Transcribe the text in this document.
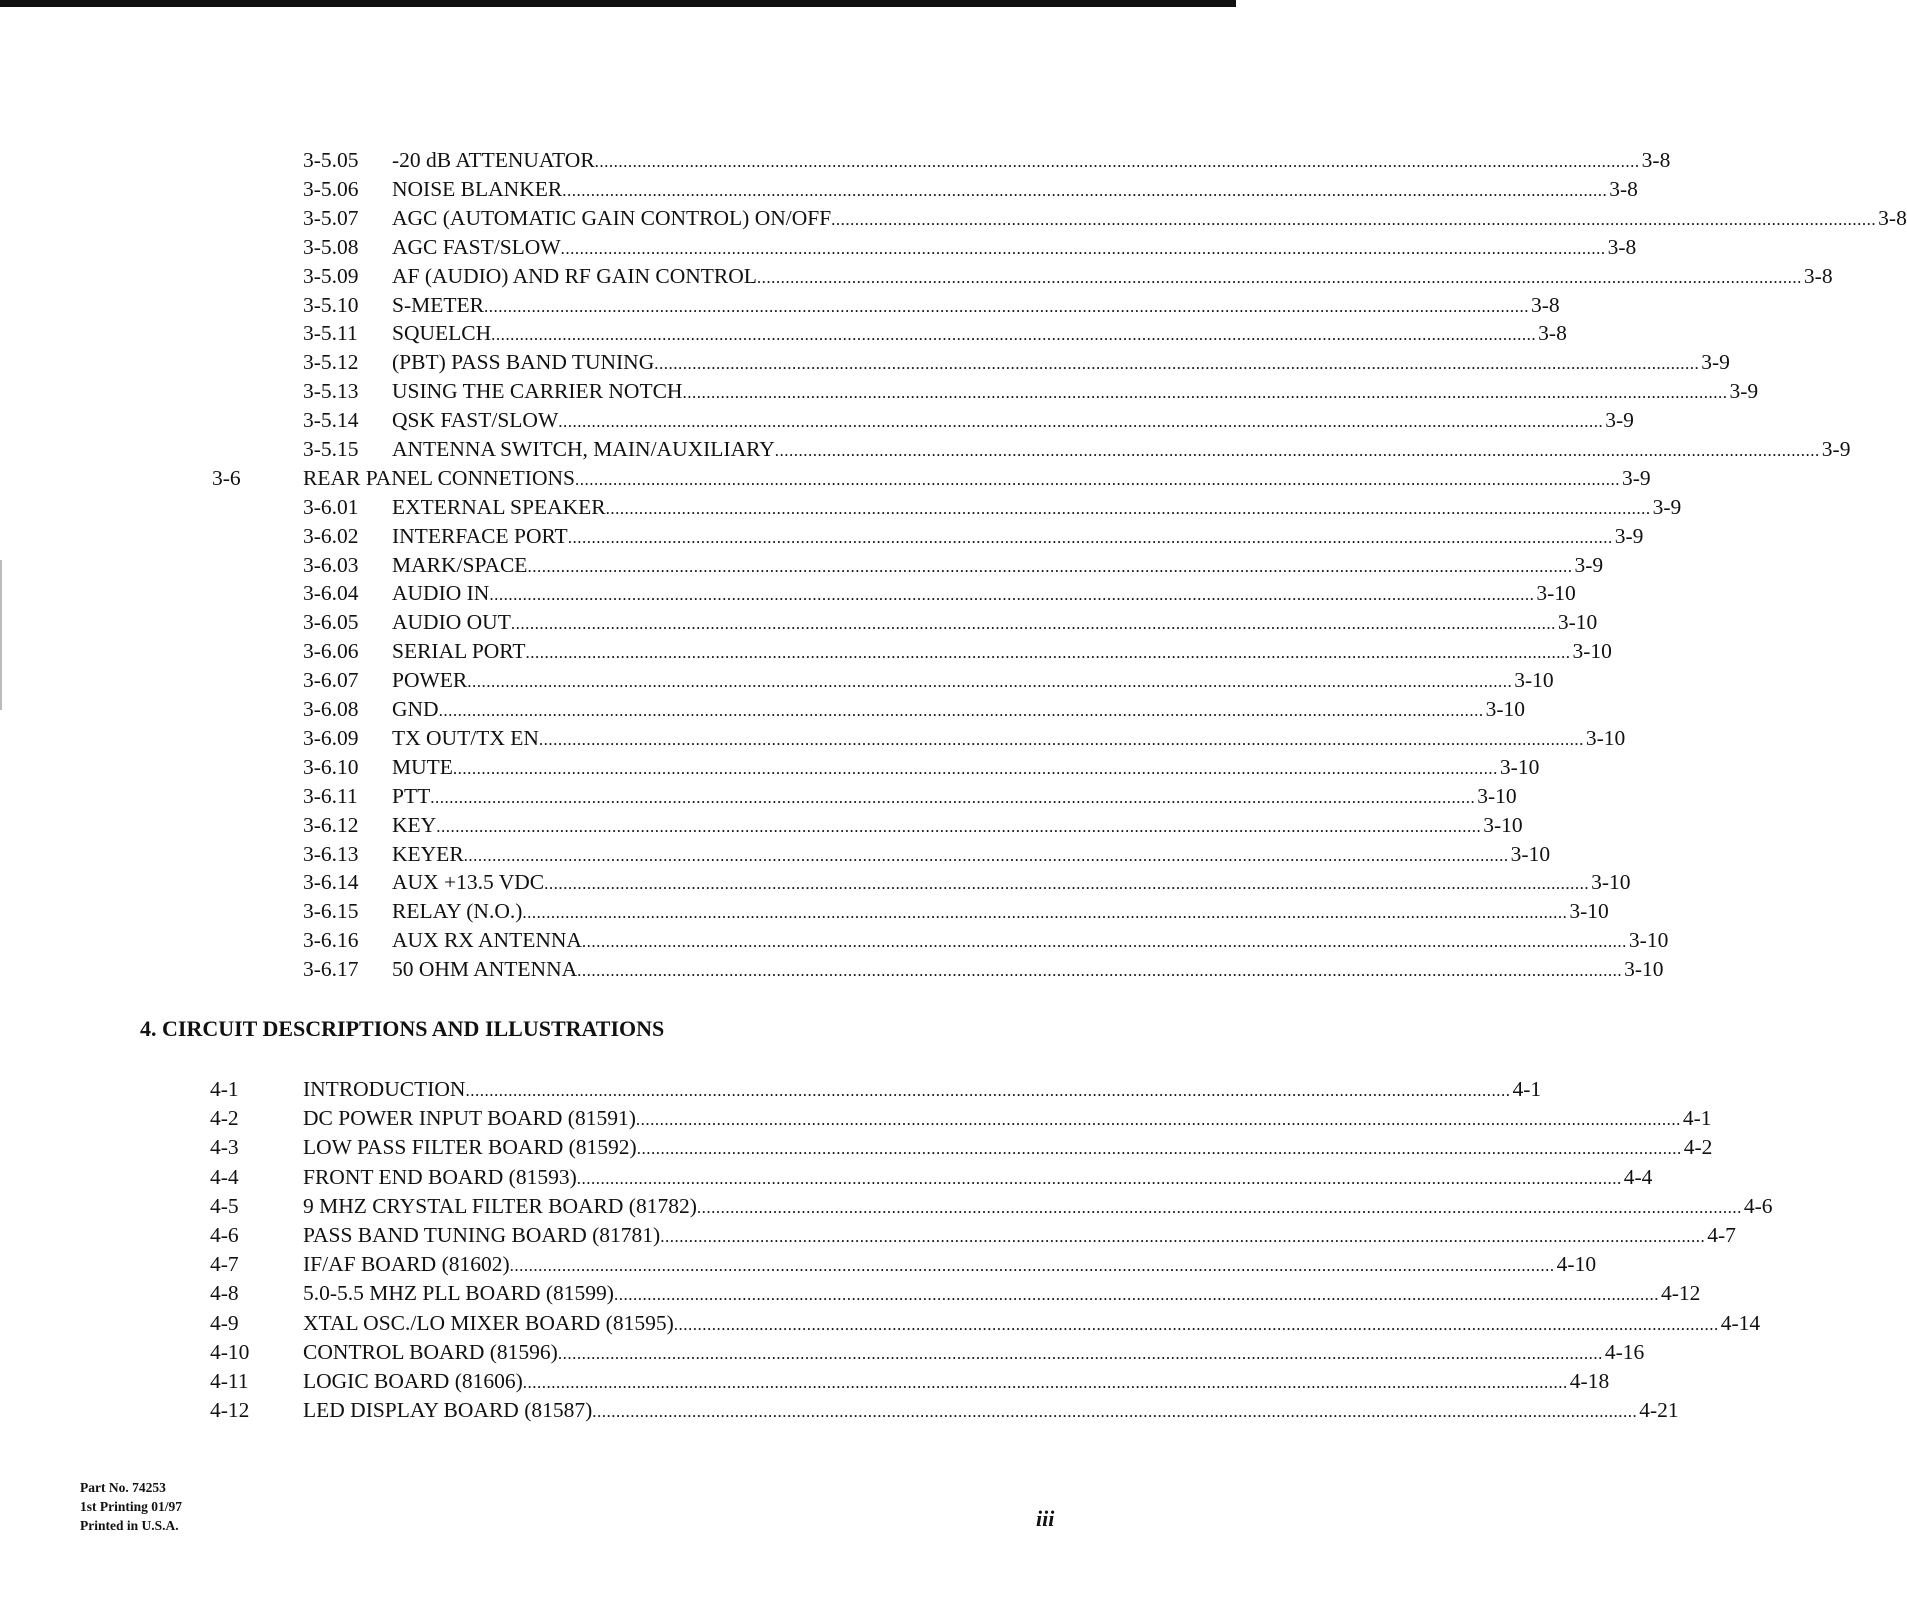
3-5.05 -20 dB ATTENUATOR ............................................................................................................................................................................................................................ 3-8
3-5.06 NOISE BLANKER ............................................................................................................................................................................................................................ 3-8
3-5.07 AGC (AUTOMATIC GAIN CONTROL) ON/OFF ............................................................................................................................................................................................................................ 3-8
3-5.08 AGC FAST/SLOW ............................................................................................................................................................................................................................ 3-8
3-5.09 AF (AUDIO) AND RF GAIN CONTROL ............................................................................................................................................................................................................................ 3-8
3-5.10 S-METER ............................................................................................................................................................................................................................ 3-8
3-5.11 SQUELCH ............................................................................................................................................................................................................................ 3-8
3-5.12 (PBT) PASS BAND TUNING ............................................................................................................................................................................................................................ 3-9
3-5.13 USING THE CARRIER NOTCH ............................................................................................................................................................................................................................ 3-9
3-5.14 QSK FAST/SLOW ............................................................................................................................................................................................................................ 3-9
3-5.15 ANTENNA SWITCH, MAIN/AUXILIARY ............................................................................................................................................................................................................................ 3-9
3-6	REAR PANEL CONNETIONS ............................................................................................................................................................................................................................ 3-9
3-6.01 EXTERNAL SPEAKER ............................................................................................................................................................................................................................ 3-9
3-6.02 INTERFACE PORT ............................................................................................................................................................................................................................ 3-9
3-6.03 MARK/SPACE ............................................................................................................................................................................................................................ 3-9
3-6.04 AUDIO IN ............................................................................................................................................................................................................................ 3-10
3-6.05 AUDIO OUT ............................................................................................................................................................................................................................ 3-10
3-6.06 SERIAL PORT ............................................................................................................................................................................................................................ 3-10
3-6.07 POWER ............................................................................................................................................................................................................................ 3-10
3-6.08 GND ............................................................................................................................................................................................................................ 3-10
3-6.09 TX OUT/TX EN ............................................................................................................................................................................................................................ 3-10
3-6.10 MUTE ............................................................................................................................................................................................................................ 3-10
3-6.11 PTT ............................................................................................................................................................................................................................ 3-10
3-6.12 KEY ............................................................................................................................................................................................................................ 3-10
3-6.13 KEYER ............................................................................................................................................................................................................................ 3-10
3-6.14 AUX +13.5 VDC ............................................................................................................................................................................................................................ 3-10
3-6.15 RELAY (N.O.) ............................................................................................................................................................................................................................ 3-10
3-6.16 AUX RX ANTENNA ............................................................................................................................................................................................................................ 3-10
3-6.17 50 OHM ANTENNA ............................................................................................................................................................................................................................ 3-10
4-1	INTRODUCTION ............................................................................................................................................................................................................................ 4-1
4-2	DC POWER INPUT BOARD (81591) ............................................................................................................................................................................................................................ 4-1
4-3	LOW PASS FILTER BOARD (81592) ............................................................................................................................................................................................................................ 4-2
4-4	FRONT END BOARD (81593) ............................................................................................................................................................................................................................ 4-4
4-5	9 MHZ CRYSTAL FILTER BOARD (81782) ............................................................................................................................................................................................................................ 4-6
4-6	PASS BAND TUNING BOARD (81781) ............................................................................................................................................................................................................................ 4-7
4-7	IF/AF BOARD (81602) ............................................................................................................................................................................................................................ 4-10
4-8	5.0-5.5 MHZ PLL BOARD (81599) ............................................................................................................................................................................................................................ 4-12
4-9	XTAL OSC./LO MIXER BOARD (81595) ............................................................................................................................................................................................................................ 4-14
4-10 CONTROL BOARD (81596) ............................................................................................................................................................................................................................ 4-16
4-11	LOGIC BOARD (81606) ............................................................................................................................................................................................................................ 4-18
4-12 LED DISPLAY BOARD (81587) ............................................................................................................................................................................................................................ 4-21
4. CIRCUIT DESCRIPTIONS AND ILLUSTRATIONS
Part No. 74253
1st Printing 01/97
Printed in U.S.A.	iii
